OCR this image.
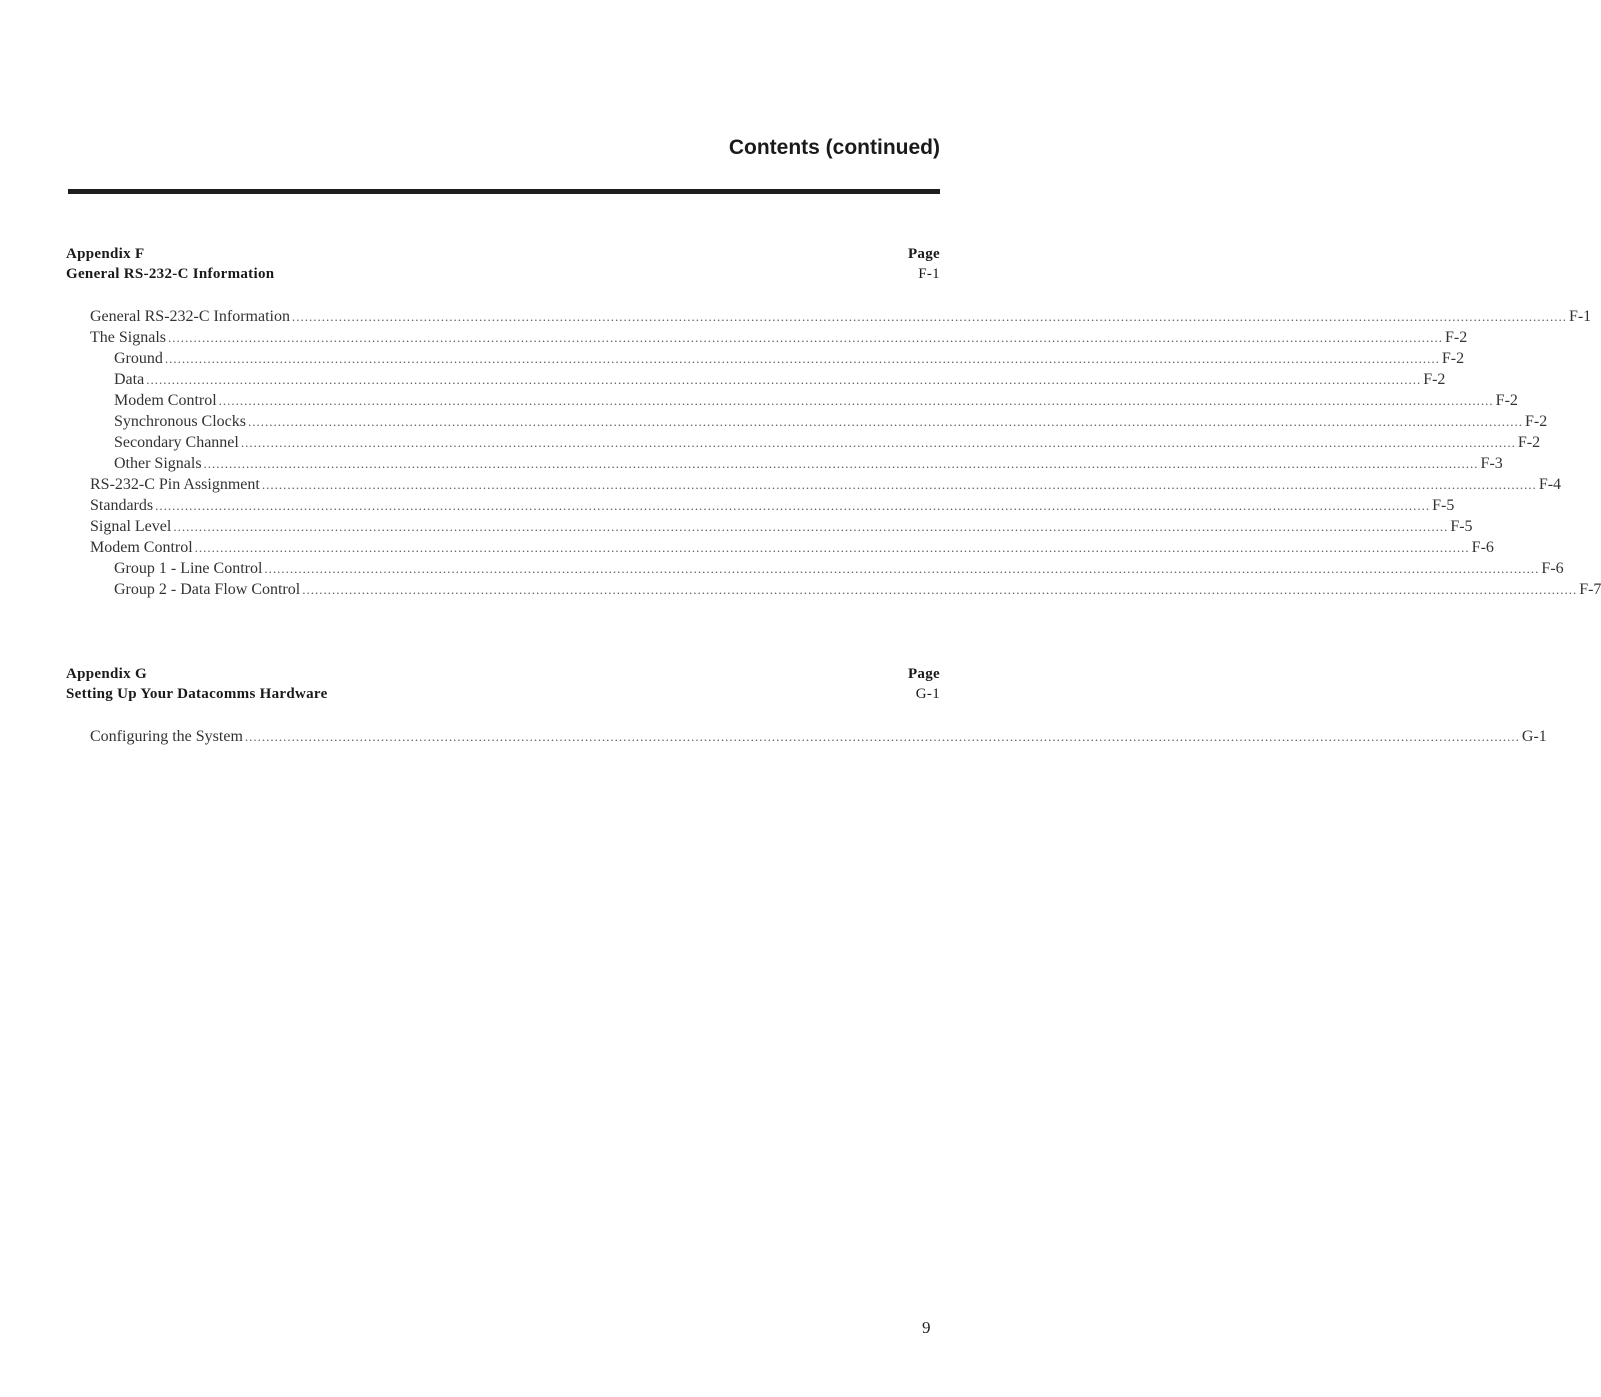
Contents (continued)
Appendix F	Page
General RS-232-C Information	F-1
General RS-232-C Information ............................................................................................................................................................................................................................................................................................................ F-1
The Signals ............................................................................................................................................................................................................................................................................................................ F-2
Ground ............................................................................................................................................................................................................................................................................................................ F-2
Data ............................................................................................................................................................................................................................................................................................................ F-2
Modem Control ............................................................................................................................................................................................................................................................................................................ F-2
Synchronous Clocks ............................................................................................................................................................................................................................................................................................................ F-2
Secondary Channel ............................................................................................................................................................................................................................................................................................................ F-2
Other Signals ............................................................................................................................................................................................................................................................................................................ F-3
RS-232-C Pin Assignment ............................................................................................................................................................................................................................................................................................................ F-4
Standards ............................................................................................................................................................................................................................................................................................................ F-5
Signal Level ............................................................................................................................................................................................................................................................................................................ F-5
Modem Control ............................................................................................................................................................................................................................................................................................................ F-6
Group 1 - Line Control ............................................................................................................................................................................................................................................................................................................ F-6
Group 2 - Data Flow Control ............................................................................................................................................................................................................................................................................................................ F-7
Appendix G	Page
Setting Up Your Datacomms Hardware	G-1
Configuring the System ............................................................................................................................................................................................................................................................................................................ G-1
9
